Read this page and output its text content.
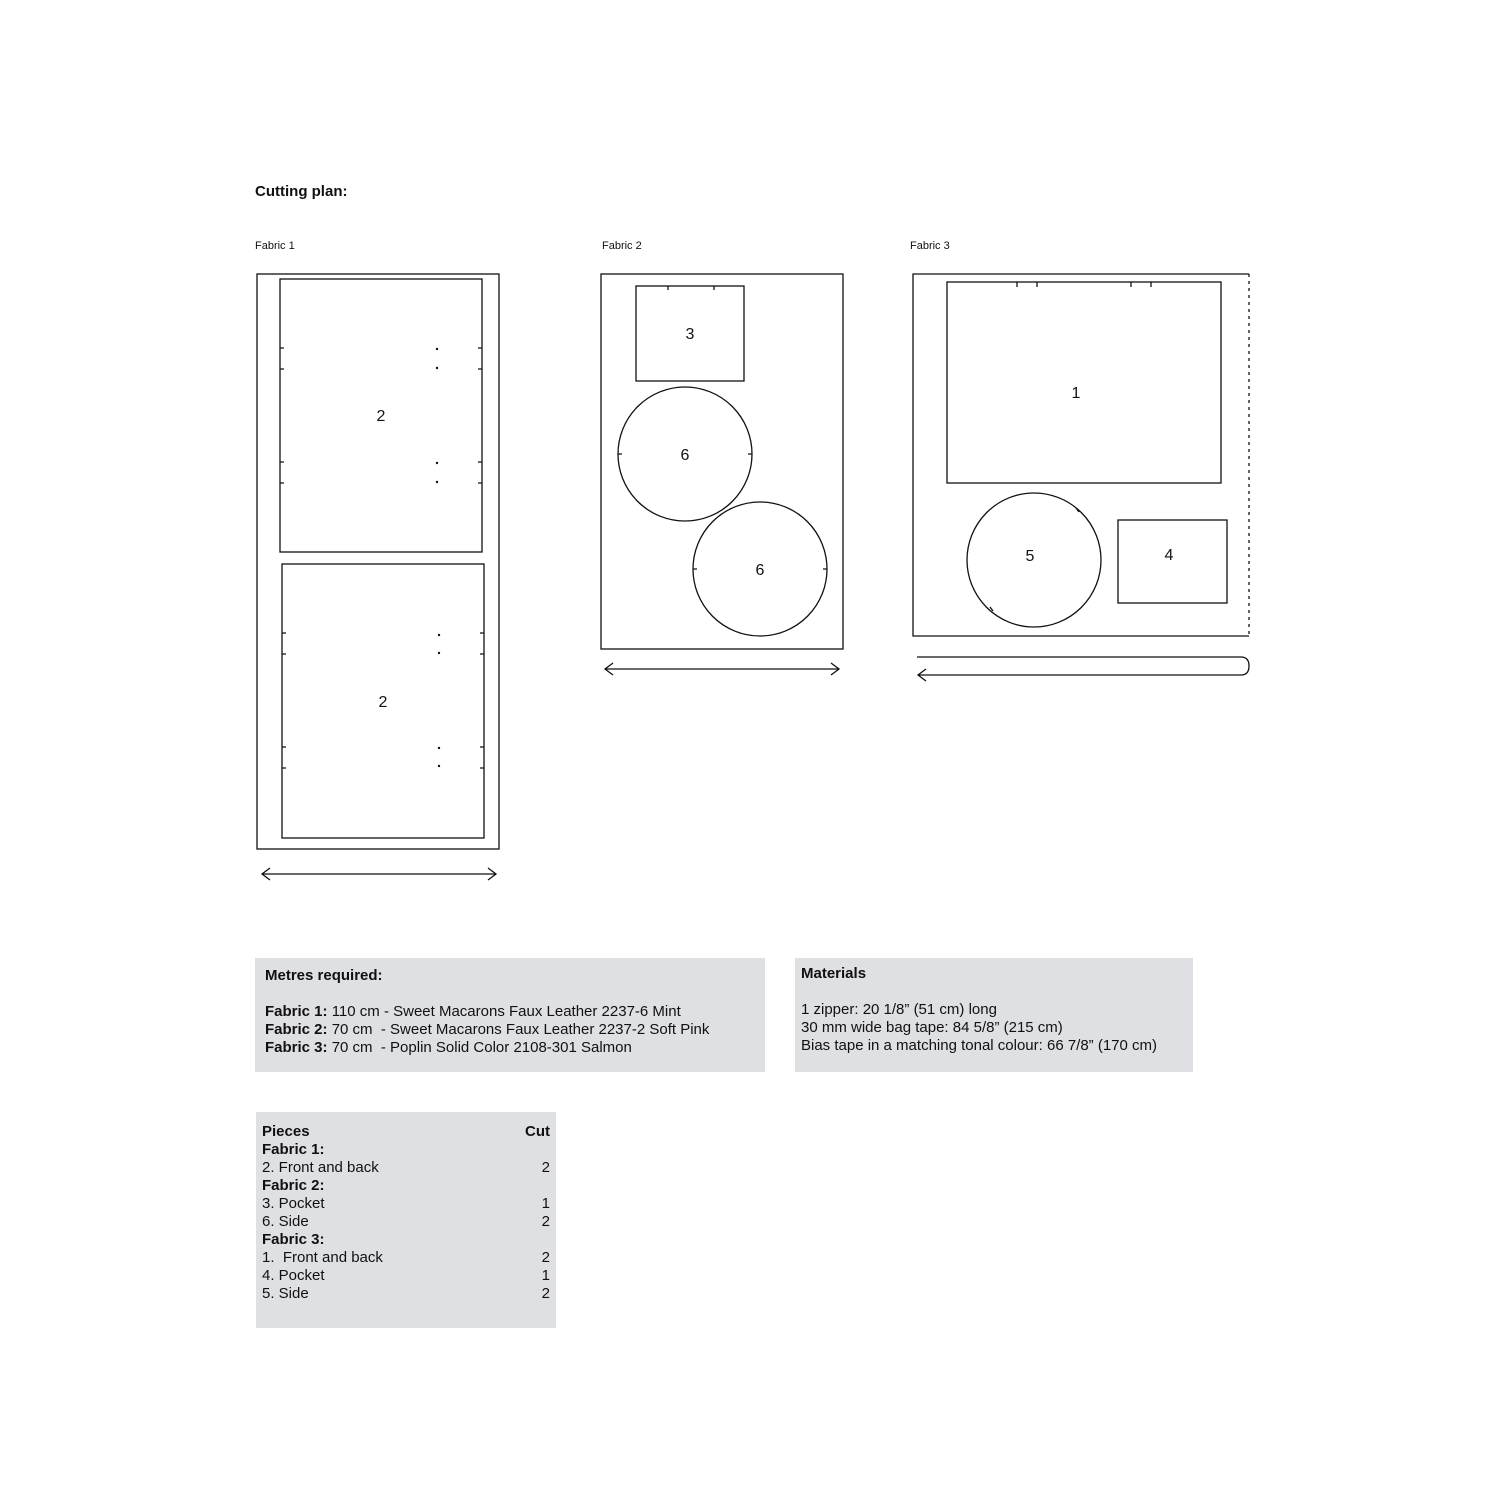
Cutting plan:
Fabric 1	Fabric 2	Fabric 3
2
2
3
6
6
1
5	4
Metres required:
Fabric 1: 110 cm - Sweet Macarons Faux Leather 2237-6 Mint
Fabric 2: 70 cm  - Sweet Macarons Faux Leather 2237-2 Soft Pink
Fabric 3: 70 cm  - Poplin Solid Color 2108-301 Salmon
Materials
1 zipper: 20 1/8” (51 cm) long
30 mm wide bag tape: 84 5/8” (215 cm)
Bias tape in a matching tonal colour: 66 7/8” (170 cm)
Pieces	Cut
Fabric 1:
2. Front and back	2
Fabric 2:
3. Pocket	1
6. Side	2
Fabric 3:
1.  Front and back	2
4. Pocket	1
5. Side	2
